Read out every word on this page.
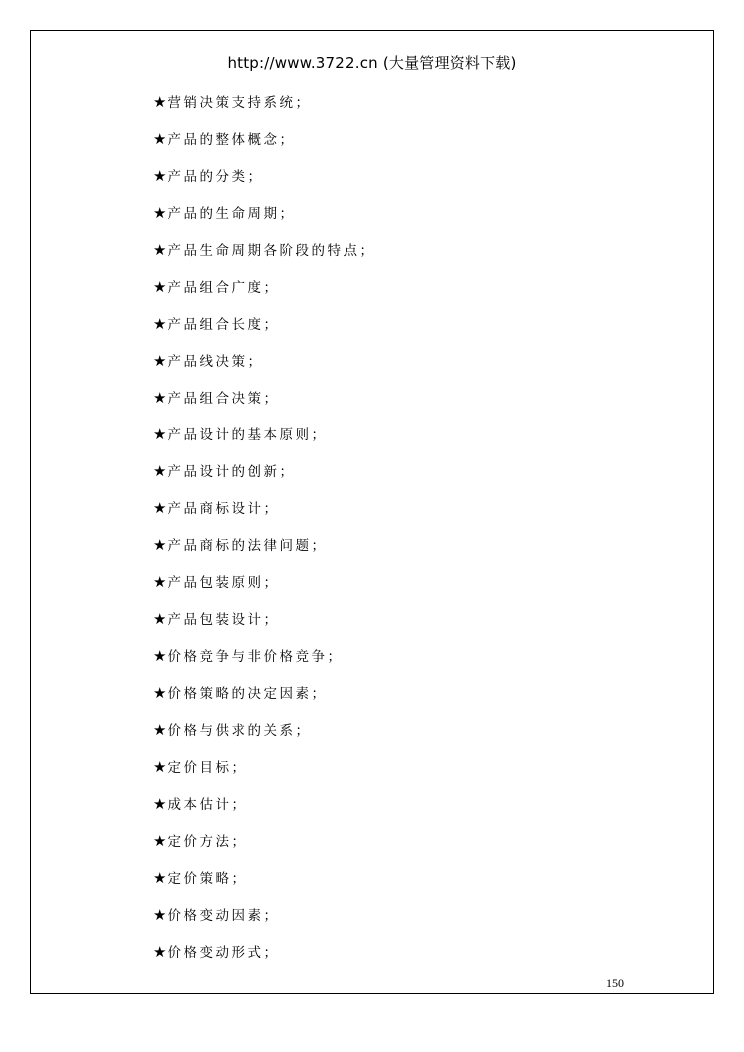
http://www.3722.cn (大量管理资料下载)
★营销决策支持系统；
★产品的整体概念；
★产品的分类；
★产品的生命周期；
★产品生命周期各阶段的特点；
★产品组合广度；
★产品组合长度；
★产品线决策；
★产品组合决策；
★产品设计的基本原则；
★产品设计的创新；
★产品商标设计；
★产品商标的法律问题；
★产品包装原则；
★产品包装设计；
★价格竞争与非价格竞争；
★价格策略的决定因素；
★价格与供求的关系；
★定价目标；
★成本估计；
★定价方法；
★定价策略；
★价格变动因素；
★价格变动形式；
150
